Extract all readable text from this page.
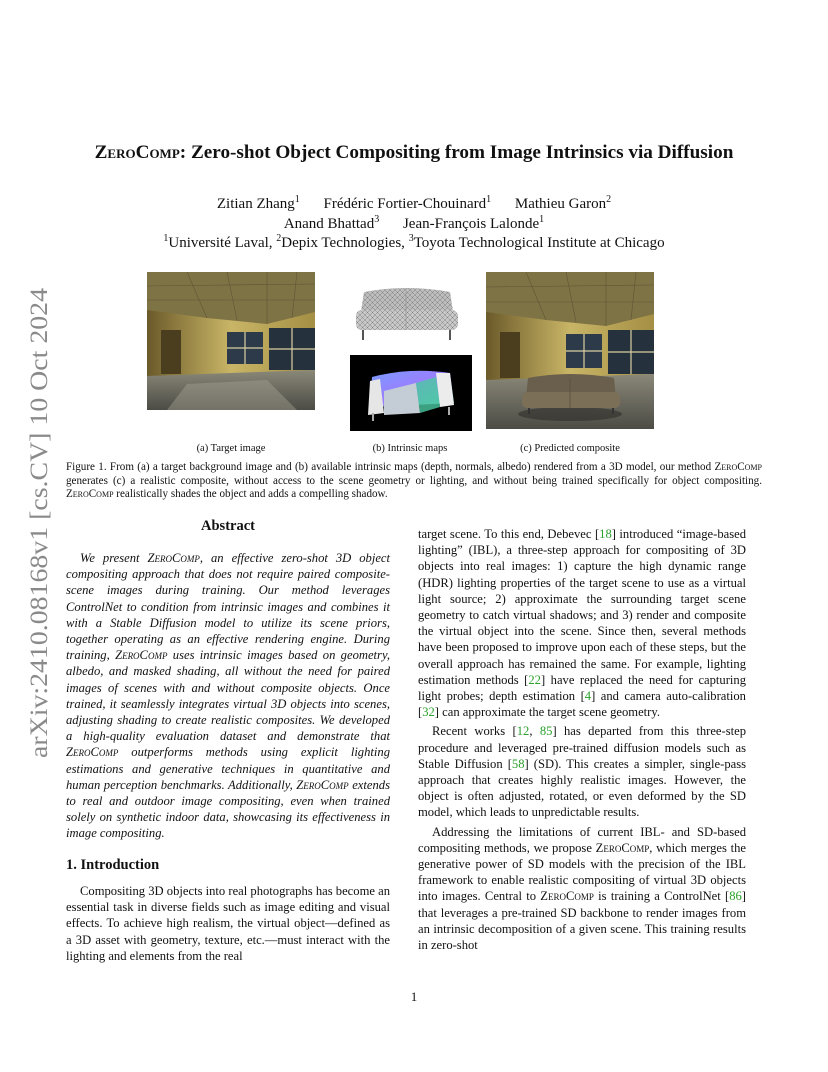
arXiv:2410.08168v1 [cs.CV] 10 Oct 2024
ZeroComp: Zero-shot Object Compositing from Image Intrinsics via Diffusion
Zitian Zhang$^1$ Frédéric Fortier-Chouinard$^1$ Mathieu Garon$^2$
Anand Bhattad$^3$ Jean-François Lalonde$^1$
$^1$Université Laval, $^2$Depix Technologies, $^3$Toyota Technological Institute at Chicago
(a) Target image	(b) Intrinsic maps	(c) Predicted composite
Figure 1. From (a) a target background image and (b) available intrinsic maps (depth, normals, albedo) rendered from a 3D model, our method ZeroComp generates (c) a realistic composite, without access to the scene geometry or lighting, and without being trained specifically for object compositing. ZeroComp realistically shades the object and adds a compelling shadow.
Abstract
We present ZeroComp, an effective zero-shot 3D object compositing approach that does not require paired composite-scene images during training. Our method leverages ControlNet to condition from intrinsic images and combines it with a Stable Diffusion model to utilize its scene priors, together operating as an effective rendering engine. During training, ZeroComp uses intrinsic images based on geometry, albedo, and masked shading, all without the need for paired images of scenes with and without composite objects. Once trained, it seamlessly integrates virtual 3D objects into scenes, adjusting shading to create realistic composites. We developed a high-quality evaluation dataset and demonstrate that ZeroComp outperforms methods using explicit lighting estimations and generative techniques in quantitative and human perception benchmarks. Additionally, ZeroComp extends to real and outdoor image compositing, even when trained solely on synthetic indoor data, showcasing its effectiveness in image compositing.
1. Introduction
Compositing 3D objects into real photographs has become an essential task in diverse fields such as image editing and visual effects. To achieve high realism, the virtual object—defined as a 3D asset with geometry, texture, etc.—must interact with the lighting and elements from the real

target scene. To this end, Debevec [18] introduced “image-based lighting” (IBL), a three-step approach for compositing of 3D objects into real images: 1) capture the high dynamic range (HDR) lighting properties of the target scene to use as a virtual light source; 2) approximate the surrounding target scene geometry to catch virtual shadows; and 3) render and composite the virtual object into the scene. Since then, several methods have been proposed to improve upon each of these steps, but the overall approach has remained the same. For example, lighting estimation methods [22] have replaced the need for capturing light probes; depth estimation [4] and camera auto-calibration [32] can approximate the target scene geometry.

Recent works [12, 85] has departed from this three-step procedure and leveraged pre-trained diffusion models such as Stable Diffusion [58] (SD). This creates a simpler, single-pass approach that creates highly realistic images. However, the object is often adjusted, rotated, or even deformed by the SD model, which leads to unpredictable results.

Addressing the limitations of current IBL- and SD-based compositing methods, we propose ZeroComp, which merges the generative power of SD models with the precision of the IBL framework to enable realistic compositing of virtual 3D objects into images. Central to ZeroComp is training a ControlNet [86] that leverages a pre-trained SD backbone to render images from an intrinsic decomposition of a given scene. This training results in zero-shot

1
